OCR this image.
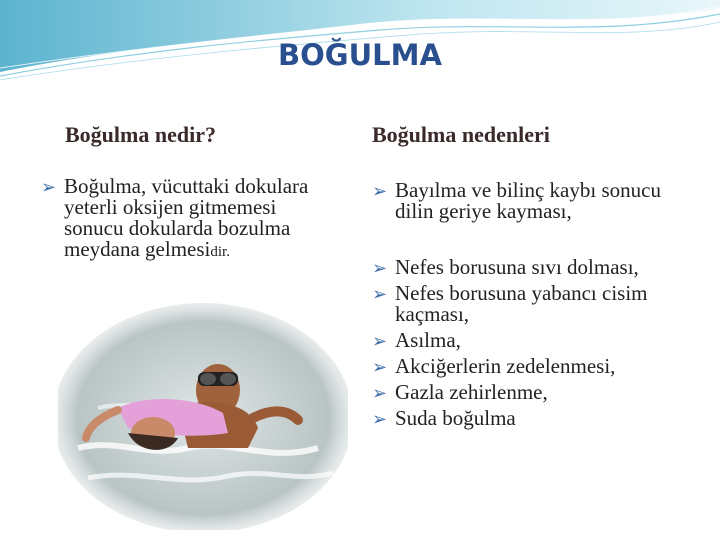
BOĞULMA
Boğulma nedir?	Boğulma nedenleri
➢ Boğulma, vücuttaki dokulara yeterli oksijen gitmemesi sonucu dokularda bozulma meydana gelmesidir.
➢ Bayılma ve bilinç kaybı sonucu dilin geriye kayması,
➢ Nefes borusuna sıvı dolması,
➢ Nefes borusuna yabancı cisim kaçması,
➢ Asılma,
➢ Akciğerlerin zedelenmesi,
➢ Gazla zehirlenme,
➢ Suda boğulma
